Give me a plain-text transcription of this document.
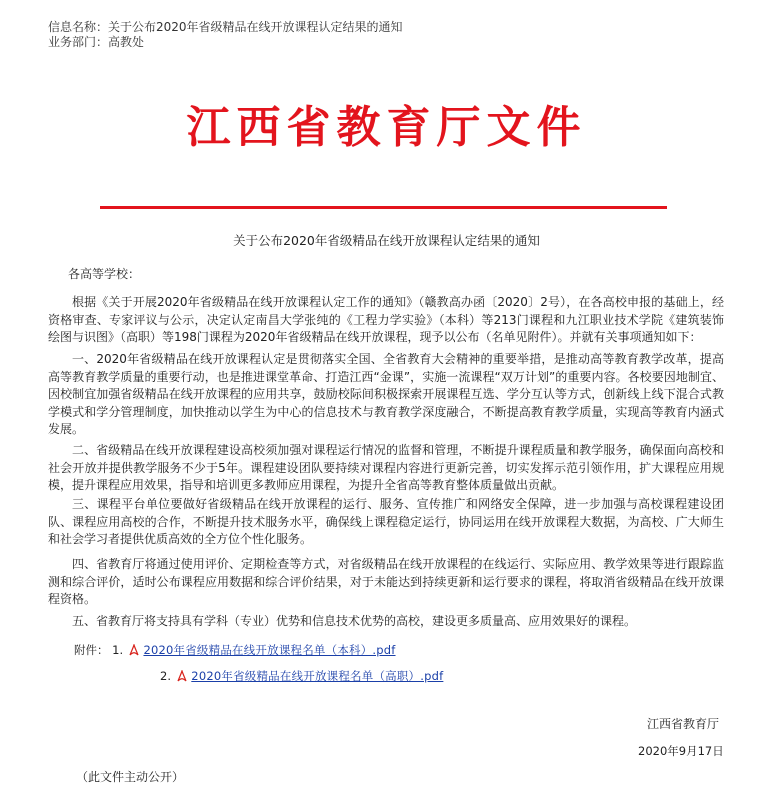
信息名称：关于公布2020年省级精品在线开放课程认定结果的通知
业务部门：高教处
江西省教育厅文件
关于公布2020年省级精品在线开放课程认定结果的通知
各高等学校：

根据《关于开展2020年省级精品在线开放课程认定工作的通知》（赣教高办函〔2020〕2号），在各高校申报的基础上，经资格审查、专家评议与公示，决定认定南昌大学张纯的《工程力学实验》（本科）等213门课程和九江职业技术学院《建筑装饰绘图与识图》（高职）等198门课程为2020年省级精品在线开放课程，现予以公布（名单见附件）。并就有关事项通知如下：

一、2020年省级精品在线开放课程认定是贯彻落实全国、全省教育大会精神的重要举措，是推动高等教育教学改革，提高高等教育教学质量的重要行动，也是推进课堂革命、打造江西“金课”，实施一流课程“双万计划”的重要内容。各校要因地制宜、因校制宜加强省级精品在线开放课程的应用共享，鼓励校际间积极探索开展课程互选、学分互认等方式，创新线上线下混合式教学模式和学分管理制度，加快推动以学生为中心的信息技术与教育教学深度融合，不断提高教育教学质量，实现高等教育内涵式发展。

二、省级精品在线开放课程建设高校须加强对课程运行情况的监督和管理，不断提升课程质量和教学服务，确保面向高校和社会开放并提供教学服务不少于5年。课程建设团队要持续对课程内容进行更新完善，切实发挥示范引领作用，扩大课程应用规模，提升课程应用效果，指导和培训更多教师应用课程，为提升全省高等教育整体质量做出贡献。

三、课程平台单位要做好省级精品在线开放课程的运行、服务、宣传推广和网络安全保障，进一步加强与高校课程建设团队、课程应用高校的合作，不断提升技术服务水平，确保线上课程稳定运行，协同运用在线开放课程大数据，为高校、广大师生和社会学习者提供优质高效的全方位个性化服务。

四、省教育厅将通过使用评价、定期检查等方式，对省级精品在线开放课程的在线运行、实际应用、教学效果等进行跟踪监测和综合评价，适时公布课程应用数据和综合评价结果，对于未能达到持续更新和运行要求的课程，将取消省级精品在线开放课程资格。

五、省教育厅将支持具有学科（专业）优势和信息技术优势的高校，建设更多质量高、应用效果好的课程。

附件： 1. 2020年省级精品在线开放课程名单（本科）.pdf
2. 2020年省级精品在线开放课程名单（高职）.pdf
江西省教育厅
2020年9月17日
（此文件主动公开）
